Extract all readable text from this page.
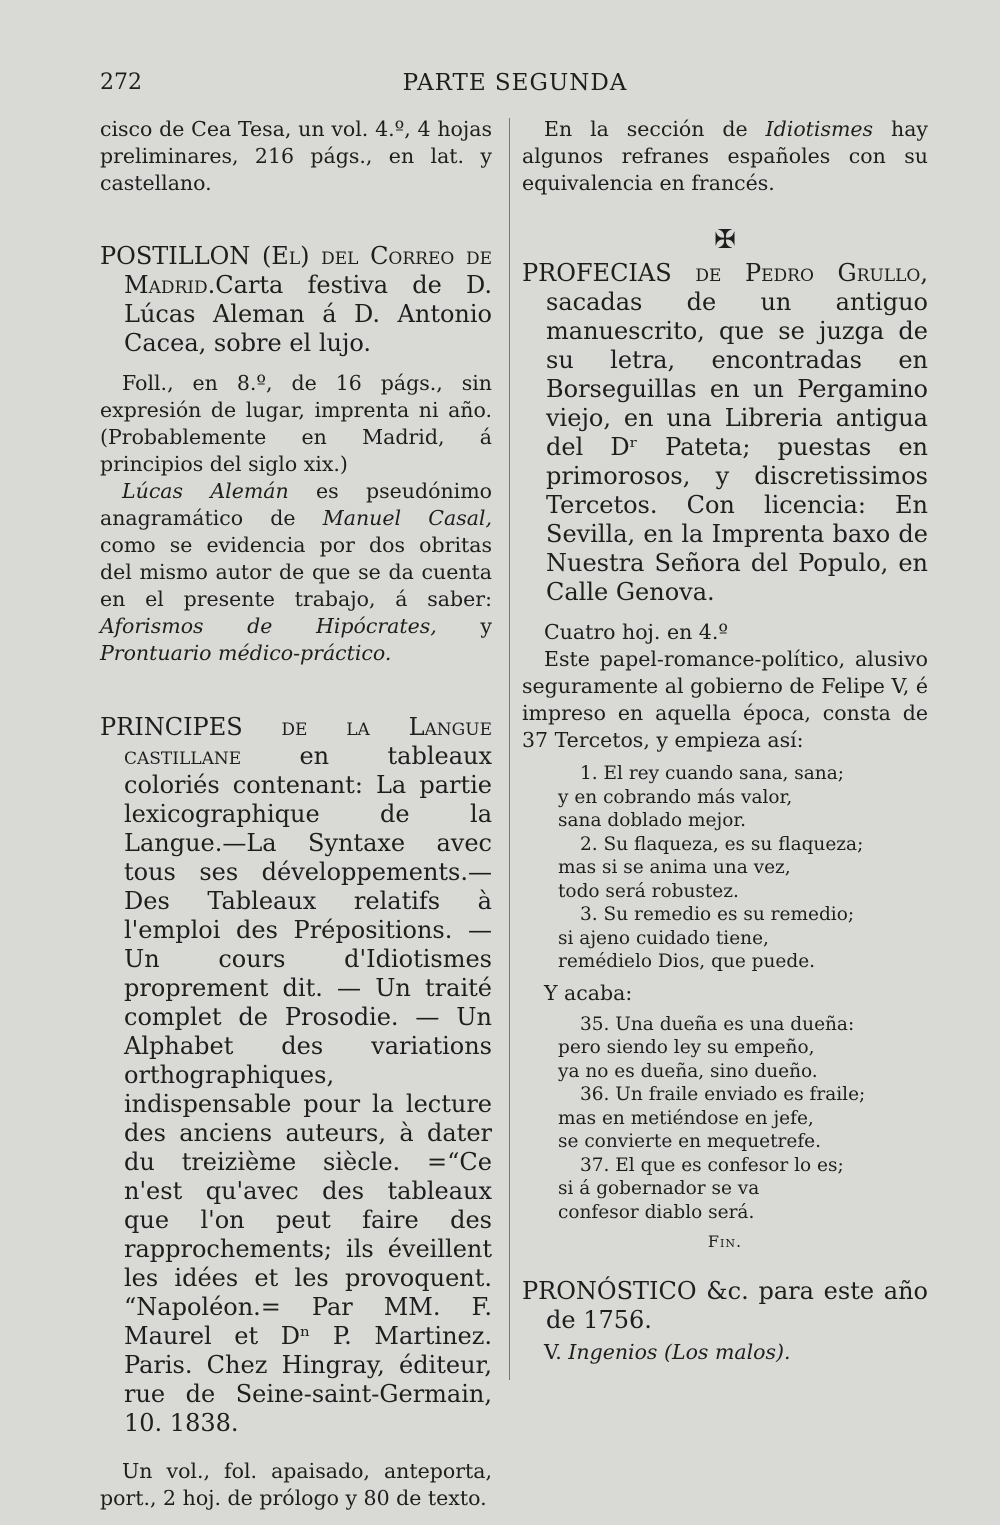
272	PARTE SEGUNDA

cisco de Cea Tesa, un vol. 4.º, 4 hojas preliminares, 216 págs., en lat. y castellano.

POSTILLON (El) del Correo de Madrid.Carta festiva de D. Lúcas Aleman á D. Antonio Cacea, sobre el lujo.

Foll., en 8.º, de 16 págs., sin expresión de lugar, imprenta ni año. (Probablemente en Madrid, á principios del siglo xix.)

Lúcas Alemán es pseudónimo anagramático de Manuel Casal, como se evidencia por dos obritas del mismo autor de que se da cuenta en el presente trabajo, á saber: Aforismos de Hipócrates, y Prontuario médico-práctico.

PRINCIPES de la Langue castillane en tableaux coloriés contenant: La partie lexicographique de la Langue.—La Syntaxe avec tous ses développements.—Des Tableaux relatifs à l'emploi des Prépositions. — Un cours d'Idiotismes proprement dit. — Un traité complet de Prosodie. — Un Alphabet des variations orthographiques, indispensable pour la lecture des anciens auteurs, à dater du treizième siècle. =“Ce n'est qu'avec des tableaux que l'on peut faire des rapprochements; ils éveillent les idées et les provoquent. “Napoléon.= Par MM. F. Maurel et Dⁿ P. Martinez. Paris. Chez Hingray, éditeur, rue de Seine-saint-Germain, 10. 1838.

Un vol., fol. apaisado, anteporta, port., 2 hoj. de prólogo y 80 de texto.

En la sección de Idiotismes hay algunos refranes españoles con su equivalencia en francés.

✠

PROFECIAS de Pedro Grullo, sacadas de un antiguo manuescrito, que se juzga de su letra, encontradas en Borseguillas en un Pergamino viejo, en una Libreria antigua del Dʳ Pateta; puestas en primorosos, y discretissimos Tercetos. Con licencia: En Sevilla, en la Imprenta baxo de Nuestra Señora del Populo, en Calle Genova.

Cuatro hoj. en 4.º

Este papel-romance-político, alusivo seguramente al gobierno de Felipe V, é impreso en aquella época, consta de 37 Tercetos, y empieza así:

1. El rey cuando sana, sana;
y en cobrando más valor,
sana doblado mejor.
2. Su flaqueza, es su flaqueza;
mas si se anima una vez,
todo será robustez.
3. Su remedio es su remedio;
si ajeno cuidado tiene,
remédielo Dios, que puede.

Y acaba:

35. Una dueña es una dueña:
pero siendo ley su empeño,
ya no es dueña, sino dueño.
36. Un fraile enviado es fraile;
mas en metiéndose en jefe,
se convierte en mequetrefe.
37. El que es confesor lo es;
si á gobernador se va
confesor diablo será.
Fin.

PRONÓSTICO &c. para este año de 1756.

V. Ingenios (Los malos).
